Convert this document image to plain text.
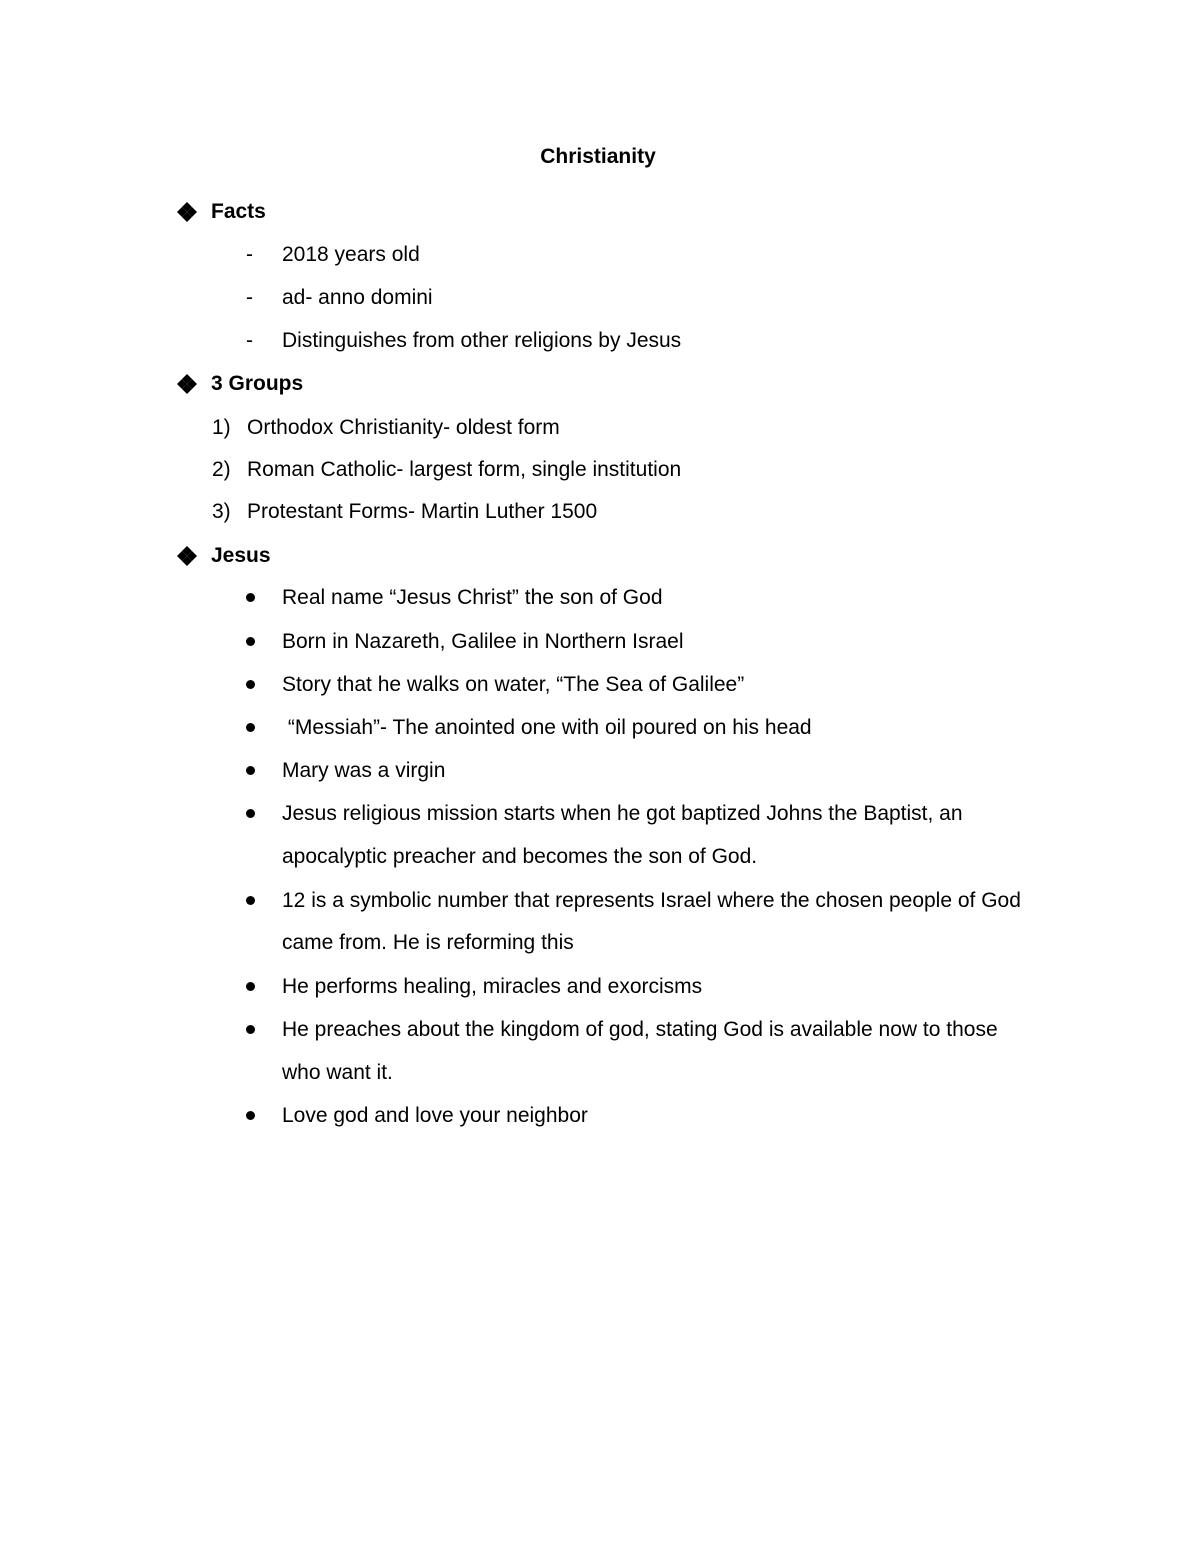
Christianity
Facts
- 2018 years old
- ad- anno domini
- Distinguishes from other religions by Jesus
3 Groups
1) Orthodox Christianity- oldest form
2) Roman Catholic- largest form, single institution
3) Protestant Forms- Martin Luther 1500
Jesus
Real name “Jesus Christ” the son of God
Born in Nazareth, Galilee in Northern Israel
Story that he walks on water, “The Sea of Galilee”
“Messiah”- The anointed one with oil poured on his head
Mary was a virgin
Jesus religious mission starts when he got baptized Johns the Baptist, an
apocalyptic preacher and becomes the son of God.
12 is a symbolic number that represents Israel where the chosen people of God
came from. He is reforming this
He performs healing, miracles and exorcisms
He preaches about the kingdom of god, stating God is available now to those
who want it.
Love god and love your neighbor
